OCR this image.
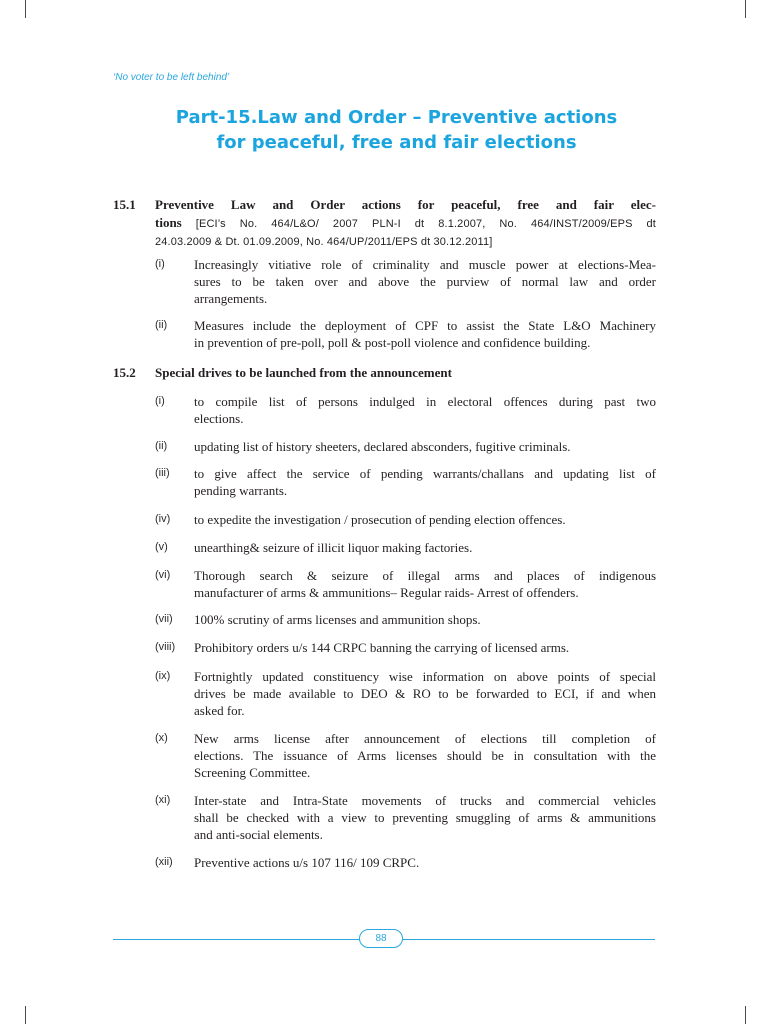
‘No voter to be left behind’
Part-15.Law and Order – Preventive actions
for peaceful, free and fair elections
15.1 Preventive Law and Order actions for peaceful, free and fair elec-
tions [ECI’s No. 464/L&O/ 2007 PLN-I dt 8.1.2007, No. 464/INST/2009/EPS dt
24.03.2009 & Dt. 01.09.2009, No. 464/UP/2011/EPS dt 30.12.2011]
(i) Increasingly vitiative role of criminality and muscle power at elections-Mea-
sures to be taken over and above the purview of normal law and order
arrangements.
(ii) Measures include the deployment of CPF to assist the State L&O Machinery
in prevention of pre-poll, poll & post-poll violence and confidence building.
15.2 Special drives to be launched from the announcement
(i) to compile list of persons indulged in electoral offences during past two
elections.
(ii) updating list of history sheeters, declared absconders, fugitive criminals.
(iii) to give affect the service of pending warrants/challans and updating list of
pending warrants.
(iv) to expedite the investigation / prosecution of pending election offences.
(v) unearthing& seizure of illicit liquor making factories.
(vi) Thorough search & seizure of illegal arms and places of indigenous
manufacturer of arms & ammunitions– Regular raids- Arrest of offenders.
(vii) 100% scrutiny of arms licenses and ammunition shops.
(viii) Prohibitory orders u/s 144 CRPC banning the carrying of licensed arms.
(ix) Fortnightly updated constituency wise information on above points of special
drives be made available to DEO & RO to be forwarded to ECI, if and when
asked for.
(x) New arms license after announcement of elections till completion of
elections. The issuance of Arms licenses should be in consultation with the
Screening Committee.
(xi) Inter-state and Intra-State movements of trucks and commercial vehicles
shall be checked with a view to preventing smuggling of arms & ammunitions
and anti-social elements.
(xii) Preventive actions u/s 107 116/ 109 CRPC.
88
